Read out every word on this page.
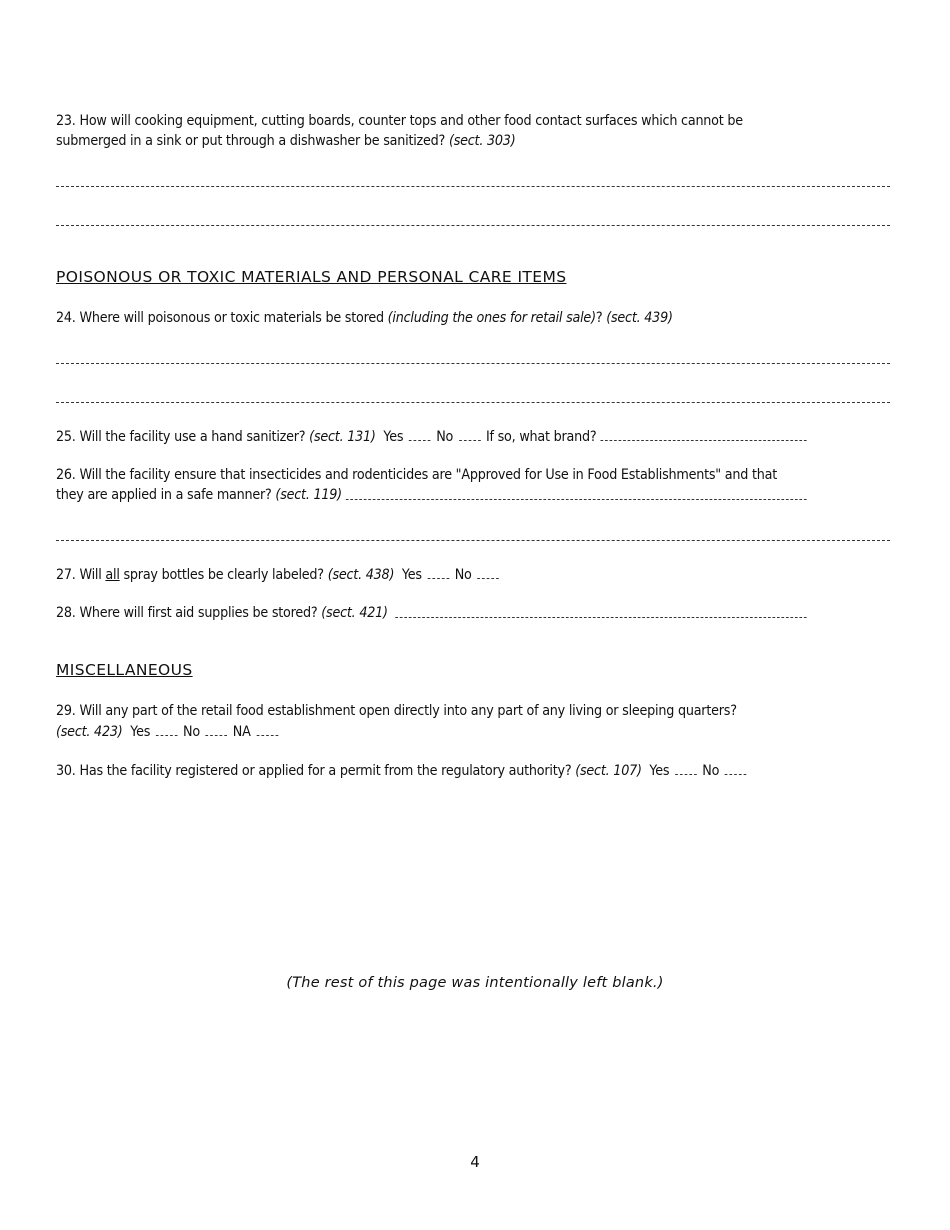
23. How will cooking equipment, cutting boards, counter tops and other food contact surfaces which cannot be
submerged in a sink or put through a dishwasher be sanitized? (sect. 303)
POISONOUS OR TOXIC MATERIALS AND PERSONAL CARE ITEMS
24. Where will poisonous or toxic materials be stored (including the ones for retail sale)? (sect. 439)
25. Will the facility use a hand sanitizer? (sect. 131) Yes No If so, what brand?
26. Will the facility ensure that insecticides and rodenticides are "Approved for Use in Food Establishments" and that
they are applied in a safe manner? (sect. 119)
27. Will all spray bottles be clearly labeled? (sect. 438) Yes No
28. Where will first aid supplies be stored? (sect. 421)
MISCELLANEOUS
29. Will any part of the retail food establishment open directly into any part of any living or sleeping quarters?
(sect. 423) Yes No NA
30. Has the facility registered or applied for a permit from the regulatory authority? (sect. 107) Yes No
(The rest of this page was intentionally left blank.)
4
